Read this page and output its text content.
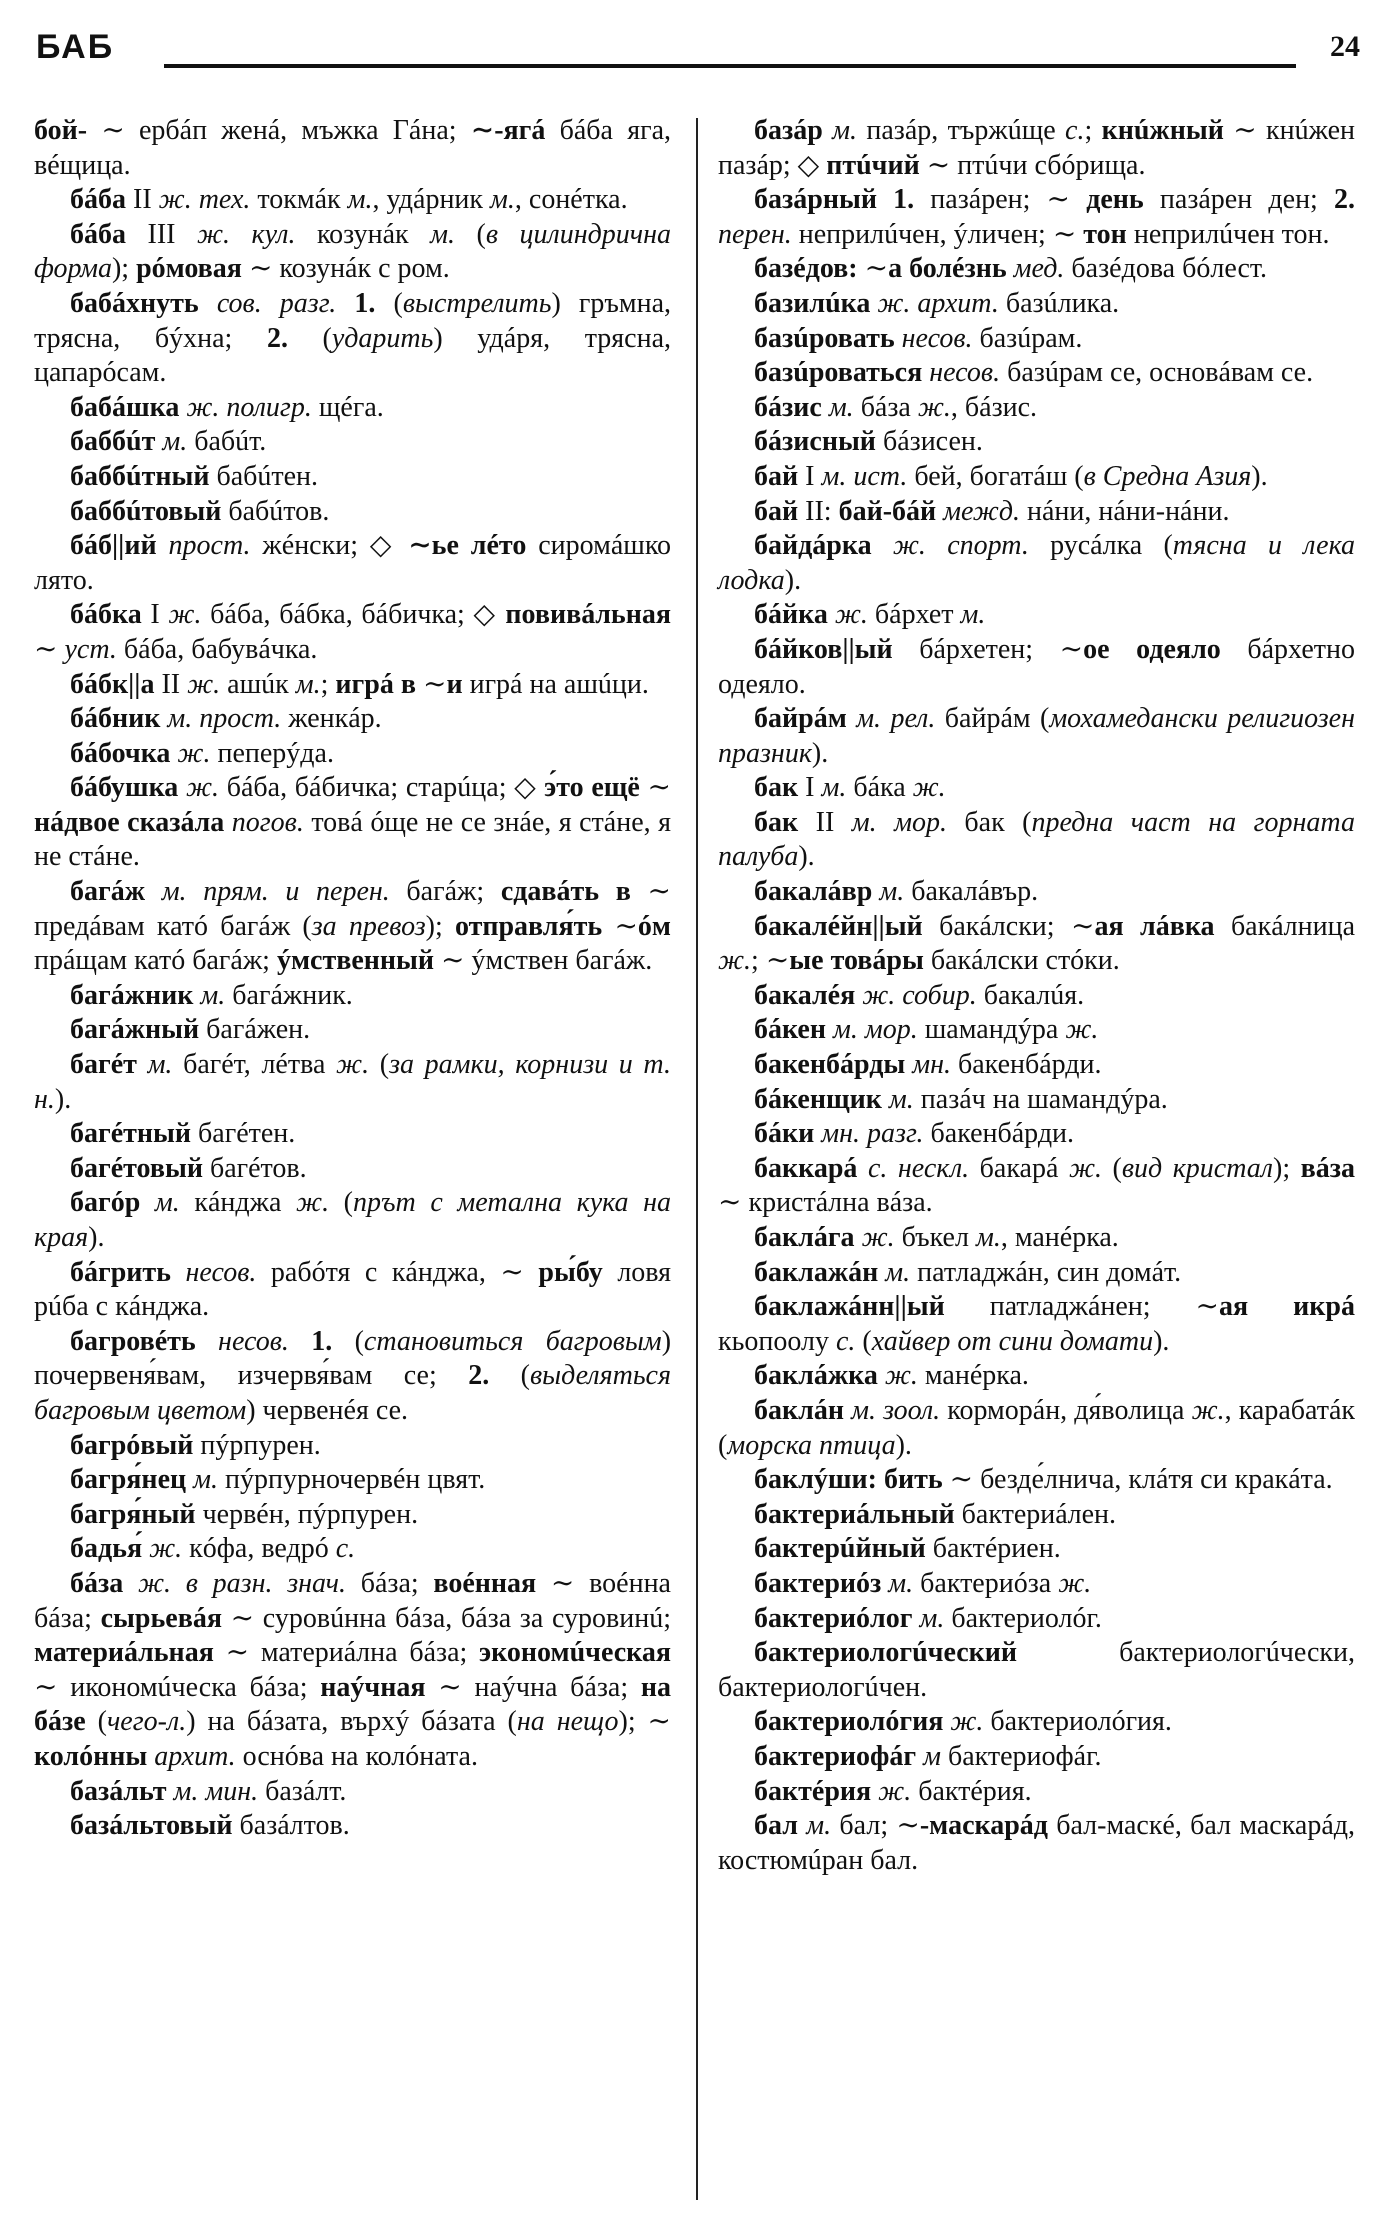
БАБ	24

бой- ∼ ербáп женá, мъжка Гáна; ∼-ягá бáба яга, вéщица.

бáба II ж. тех. токмáк м., удáрник м., сонéтка.

бáба III ж. кул. козунáк м. (в цилиндрична форма); рóмовая ∼ козунáк с ром.

бабáхнуть сов. разг. 1. (выстрелить) гръмна, трясна, бýхна; 2. (ударить) удáря, трясна, цапарóсам.

бабáшка ж. полигр. щéга.

баббúт м. бабúт.

баббúтный бабúтен.

баббúтовый бабúтов.

бáб||ий прост. жéнски; ◇ ∼ье лéто сиромáшко лято.

бáбка I ж. бáба, бáбка, бáбичка; ◇ повивáльная ∼ уст. бáба, бабувáчка.

бáбк||а II ж. ашúк м.; игрá в ∼и игрá на ашúци.

бáбник м. прост. женкáр.

бáбочка ж. пеперýда.

бáбушка ж. бáба, бáбичка; старúца; ◇ э́то ещё ∼ нáдвое сказáла погов. товá óще не се знáе, я стáне, я не стáне.

багáж м. прям. и перен. багáж; сдавáть в ∼ предáвам катó багáж (за превоз); отправля́ть ∼óм прáщам катó багáж; ýмственный ∼ ýмствен багáж.

багáжник м. багáжник.

багáжный багáжен.

багéт м. багéт, лéтва ж. (за рамки, корнизи и т. н.).

багéтный багéтен.

багéтовый багéтов.

багóр м. кáнджа ж. (прът с метална кука на края).

бáгрить несов. рабóтя с кáнджа, ∼ ры́бу ловя рúба с кáнджа.

багровéть несов. 1. (становиться багровым) почервеня́вам, изчервя́вам се; 2. (выделяться багровым цветом) червенéя се.

багрóвый пýрпурен.

багря́нец м. пýрпурночервéн цвят.

багря́ный червéн, пýрпурен.

бадья́ ж. кóфа, ведрó с.

бáза ж. в разн. знач. бáза; воéнная ∼ воéнна бáза; сырьевáя ∼ суровúнна бáза, бáза за суровинú; материáльная ∼ материáлна бáза; экономúческая ∼ икономúческа бáза; наýчная ∼ наýчна бáза; на бáзе (чего-л.) на бáзата, върхý бáзата (на нещо); ∼ колóнны архит. оснóва на колóната.

базáльт м. мин. базáлт.

базáльтовый базáлтов.

базáр м. пазáр, тържúще с.; кнúжный ∼ кнúжен пазáр; ◇ птúчий ∼ птúчи сбóрища.

базáрный 1. пазáрен; ∼ день пазáрен ден; 2. перен. неприлúчен, ýличен; ∼ тон неприлúчен тон.

базéдов: ∼а болéзнь мед. базéдова бóлест.

базилúка ж. архит. базúлика.

базúровать несов. базúрам.

базúроваться несов. базúрам се, основáвам се.

бáзис м. бáза ж., бáзис.

бáзисный бáзисен.

бай I м. ист. бей, богатáш (в Средна Азия).

бай II: бай-бáй межд. нáни, нáни-нáни.

байдáрка ж. спорт. русáлка (тясна и лека лодка).

бáйка ж. бáрхет м.

бáйков||ый бáрхетен; ∼ое одеяло бáрхетно одеяло.

байрáм м. рел. байрáм (мохамедански религиозен празник).

бак I м. бáка ж.

бак II м. мор. бак (предна част на горната палуба).

бакалáвр м. бакалáвър.

бакалéйн||ый бакáлски; ∼ая лáвка бакáлница ж.; ∼ые товáры бакáлски стóки.

бакалéя ж. собир. бакалúя.

бáкен м. мор. шамандýра ж.

бакенбáрды мн. бакенбáрди.

бáкенщик м. пазáч на шамандýра.

бáки мн. разг. бакенбáрди.

баккарá с. нескл. бакарá ж. (вид кристал); вáза ∼ кристáлна вáза.

баклáга ж. бъкел м., манéрка.

баклажáн м. патладжáн, син домáт.

баклажáнн||ый патладжáнен; ∼ая икрá кьопоолу с. (хайвер от сини домати).

баклáжка ж. манéрка.

баклáн м. зоол. корморáн, дя́волица ж., карабатáк (морска птица).

баклýши: бить ∼ безде́лнича, клáтя си кракáта.

бактериáльный бактериáлен.

бактерúйный бактéриен.

бактериóз м. бактериóза ж.

бактериóлог м. бактериолóг.

бактериологúческий бактериологúчески, бактериологúчен.

бактериолóгия ж. бактериолóгия.

бактериофáг м бактериофáг.

бактéрия ж. бактéрия.

бал м. бал; ∼-маскарáд бал-маскé, бал маскарáд, костюмúран бал.
